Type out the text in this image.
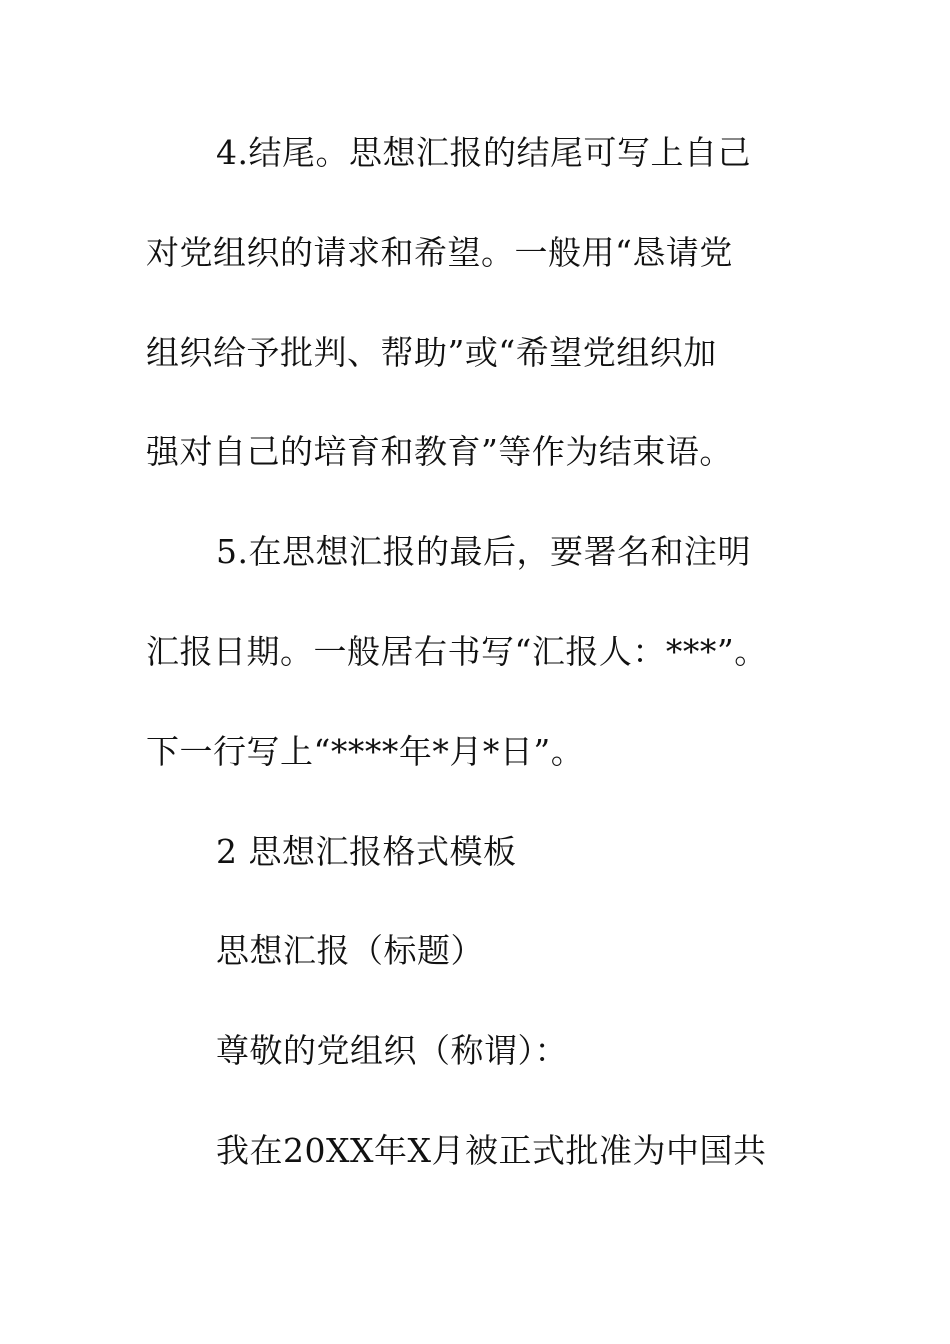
4.结尾。思想汇报的结尾可写上自己
对党组织的请求和希望。一般用“恳请党
组织给予批判、帮助”或“希望党组织加
强对自己的培育和教育”等作为结束语。
5.在思想汇报的最后，要署名和注明
汇报日期。一般居右书写“汇报人：***”。
下一行写上“****年*月*日”。
2 思想汇报格式模板
思想汇报（标题）
尊敬的党组织（称谓）：
我在20XX年X月被正式批准为中国共
